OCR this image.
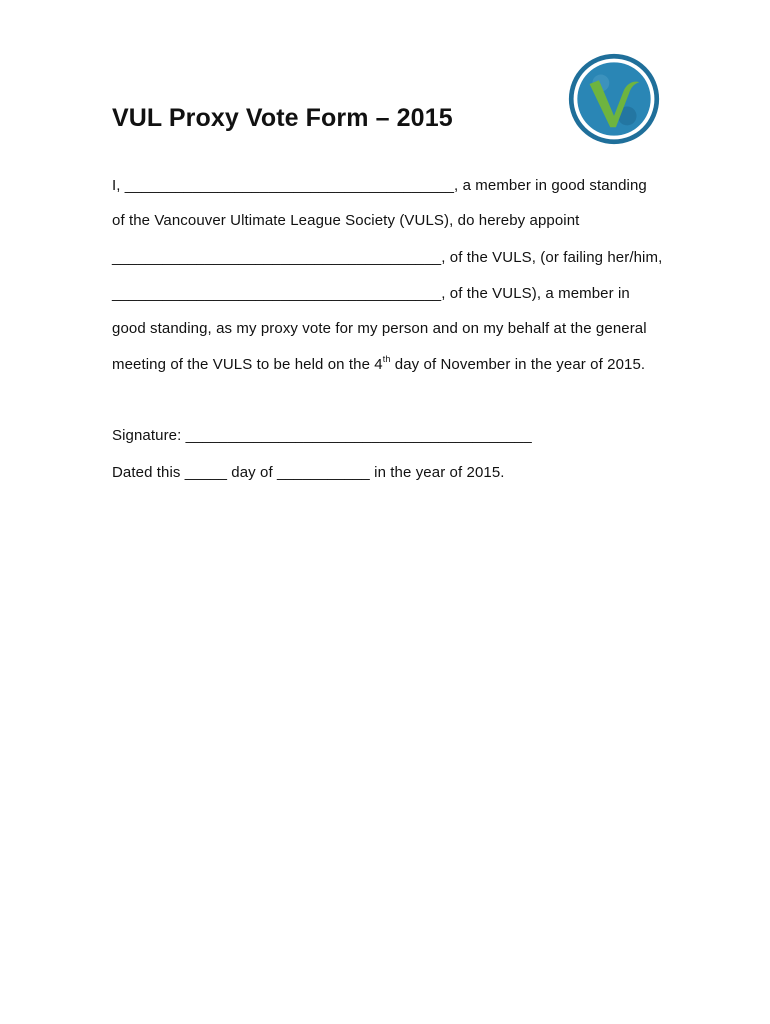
VUL Proxy Vote Form – 2015
I, _______________________________________, a member in good standing
of the Vancouver Ultimate League Society (VULS), do hereby appoint
_______________________________________, of the VULS, (or failing her/him,
_______________________________________, of the VULS), a member in
good standing, as my proxy vote for my person and on my behalf at the general
meeting of the VULS to be held on the 4th day of November in the year of 2015.
Signature: _________________________________________
Dated this _____ day of ___________ in the year of 2015.
